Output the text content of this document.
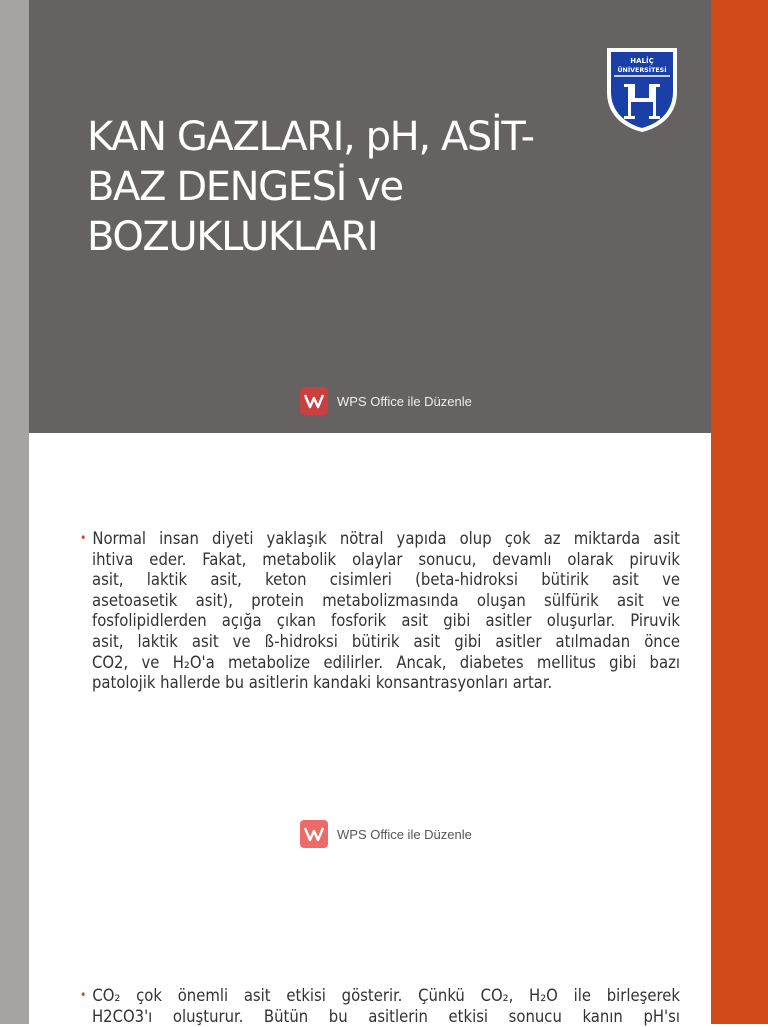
KAN GAZLARI, pH, ASİT-
BAZ DENGESİ ve
BOZUKLUKLARI
HALİÇ
ÜNİVERSİTESİ
WPS Office ile Düzenle
• Normal insan diyeti yaklaşık nötral yapıda olup çok az miktarda asit
ihtiva eder. Fakat, metabolik olaylar sonucu, devamlı olarak piruvik
asit, laktik asit, keton cisimleri (beta-hidroksi bütirik asit ve
asetoasetik asit), protein metabolizmasında oluşan sülfürik asit ve
fosfolipidlerden açığa çıkan fosforik asit gibi asitler oluşurlar. Piruvik
asit, laktik asit ve ß-hidroksi bütirik asit gibi asitler atılmadan önce
CO2, ve H₂O'a metabolize edilirler. Ancak, diabetes mellitus gibi bazı
patolojik hallerde bu asitlerin kandaki konsantrasyonları artar.
WPS Office ile Düzenle
• CO₂ çok önemli asit etkisi gösterir. Çünkü CO₂, H₂O ile birleşerek
H2CO3'ı oluşturur. Bütün bu asitlerin etkisi sonucu kanın pH'sı
